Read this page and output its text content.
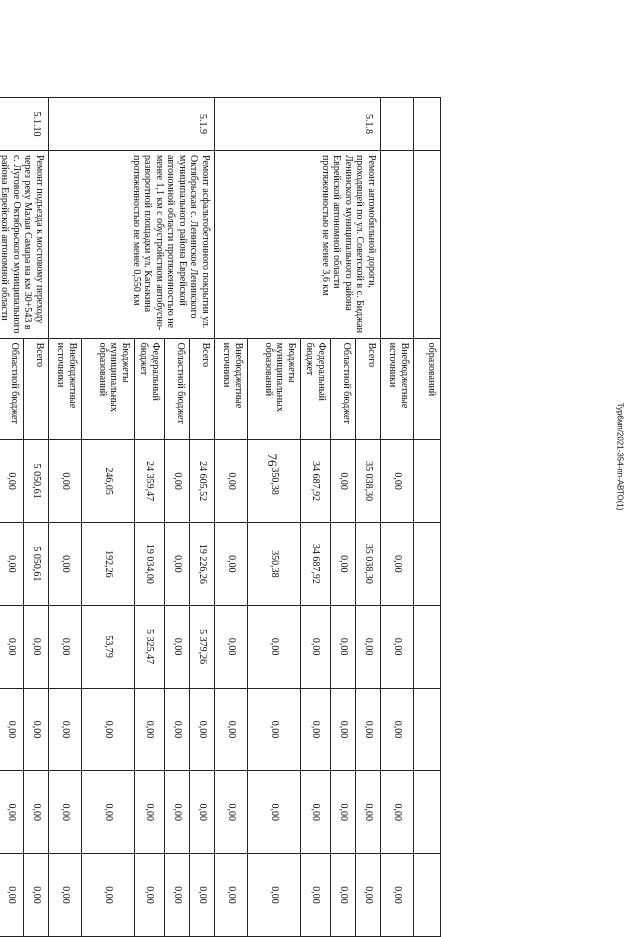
76	Тур6мп/2021-354-пп-АВТО(1)
		образований						
		Внебюджетные источники	0,00	0,00	0,00	0,00	0,00	0,00
5.1.8	Ремонт автомобильной дороги, проходящей по ул. Советской в с. Биджан Ленинского муниципального района Еврейской автономной области протяженностью не менее 3,6 км	Всего	35 038,30	35 038,30	0,00	0,00	0,00	0,00
		Областной бюджет	0,00	0,00	0,00	0,00	0,00	0,00
		Федеральный бюджет	34 687,92	34 687,92	0,00	0,00	0,00	0,00
		Бюджеты муниципальных образований	350,38	350,38	0,00	0,00	0,00	0,00
		Внебюджетные источники	0,00	0,00	0,00	0,00	0,00	0,00
5.1.9	Ремонт асфальтобетонного покрытия ул. Октябрьская с. Ленинское Ленинского муниципального района Еврейской автономной области протяженностью не менее 1,1 км с обустройством автобусно-разворотной площадки ул. Кагыкина протяженностью не менее 0,550 км	Всего	24 605,52	19 226,26	5 379,26	0,00	0,00	0,00
		Областной бюджет	0,00	0,00	0,00	0,00	0,00	0,00
		Федеральный бюджет	24 359,47	19 034,00	5 325,47	0,00	0,00	0,00
		Бюджеты муниципальных образований	246,05	192,26	53,79	0,00	0,00	0,00
		Внебюджетные источники	0,00	0,00	0,00	0,00	0,00	0,00
5.1.10	Ремонт подъезда к мостовому переходу через реку Малая Самара на км 30+543 в с. Луговое Октябрьского муниципального района Еврейской автономной области	Всего	5 050,61	5 050,61	0,00	0,00	0,00	0,00
		Областной бюджет	0,00	0,00	0,00	0,00	0,00	0,00
